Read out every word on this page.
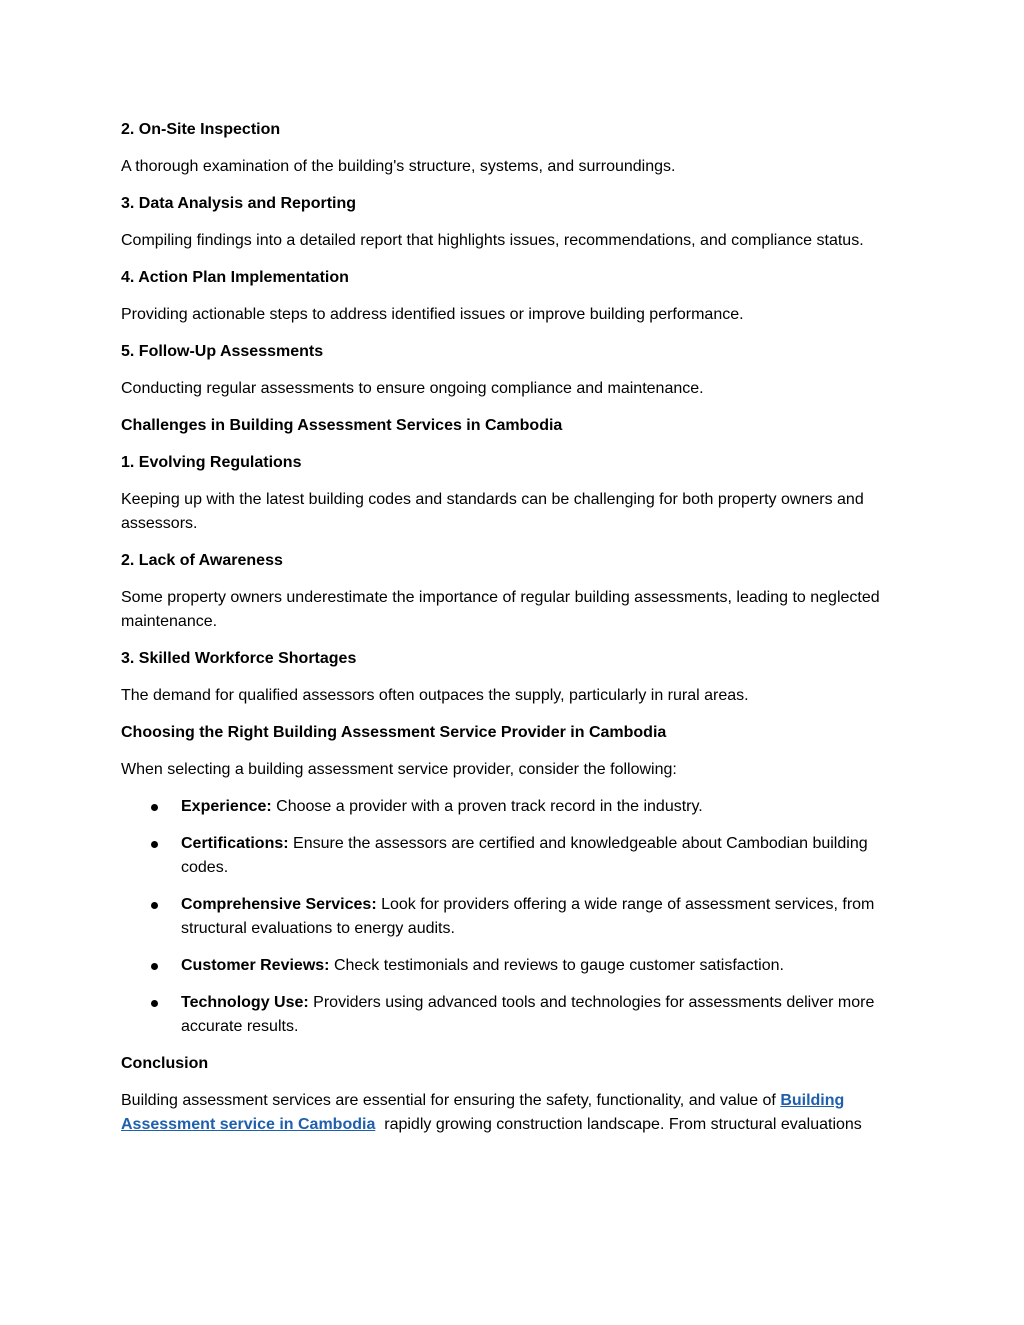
2. On-Site Inspection
A thorough examination of the building's structure, systems, and surroundings.
3. Data Analysis and Reporting
Compiling findings into a detailed report that highlights issues, recommendations, and compliance status.
4. Action Plan Implementation
Providing actionable steps to address identified issues or improve building performance.
5. Follow-Up Assessments
Conducting regular assessments to ensure ongoing compliance and maintenance.
Challenges in Building Assessment Services in Cambodia
1. Evolving Regulations
Keeping up with the latest building codes and standards can be challenging for both property owners and assessors.
2. Lack of Awareness
Some property owners underestimate the importance of regular building assessments, leading to neglected maintenance.
3. Skilled Workforce Shortages
The demand for qualified assessors often outpaces the supply, particularly in rural areas.
Choosing the Right Building Assessment Service Provider in Cambodia
When selecting a building assessment service provider, consider the following:
Experience: Choose a provider with a proven track record in the industry.
Certifications: Ensure the assessors are certified and knowledgeable about Cambodian building codes.
Comprehensive Services: Look for providers offering a wide range of assessment services, from structural evaluations to energy audits.
Customer Reviews: Check testimonials and reviews to gauge customer satisfaction.
Technology Use: Providers using advanced tools and technologies for assessments deliver more accurate results.
Conclusion
Building assessment services are essential for ensuring the safety, functionality, and value of Building Assessment service in Cambodia  rapidly growing construction landscape. From structural evaluations
